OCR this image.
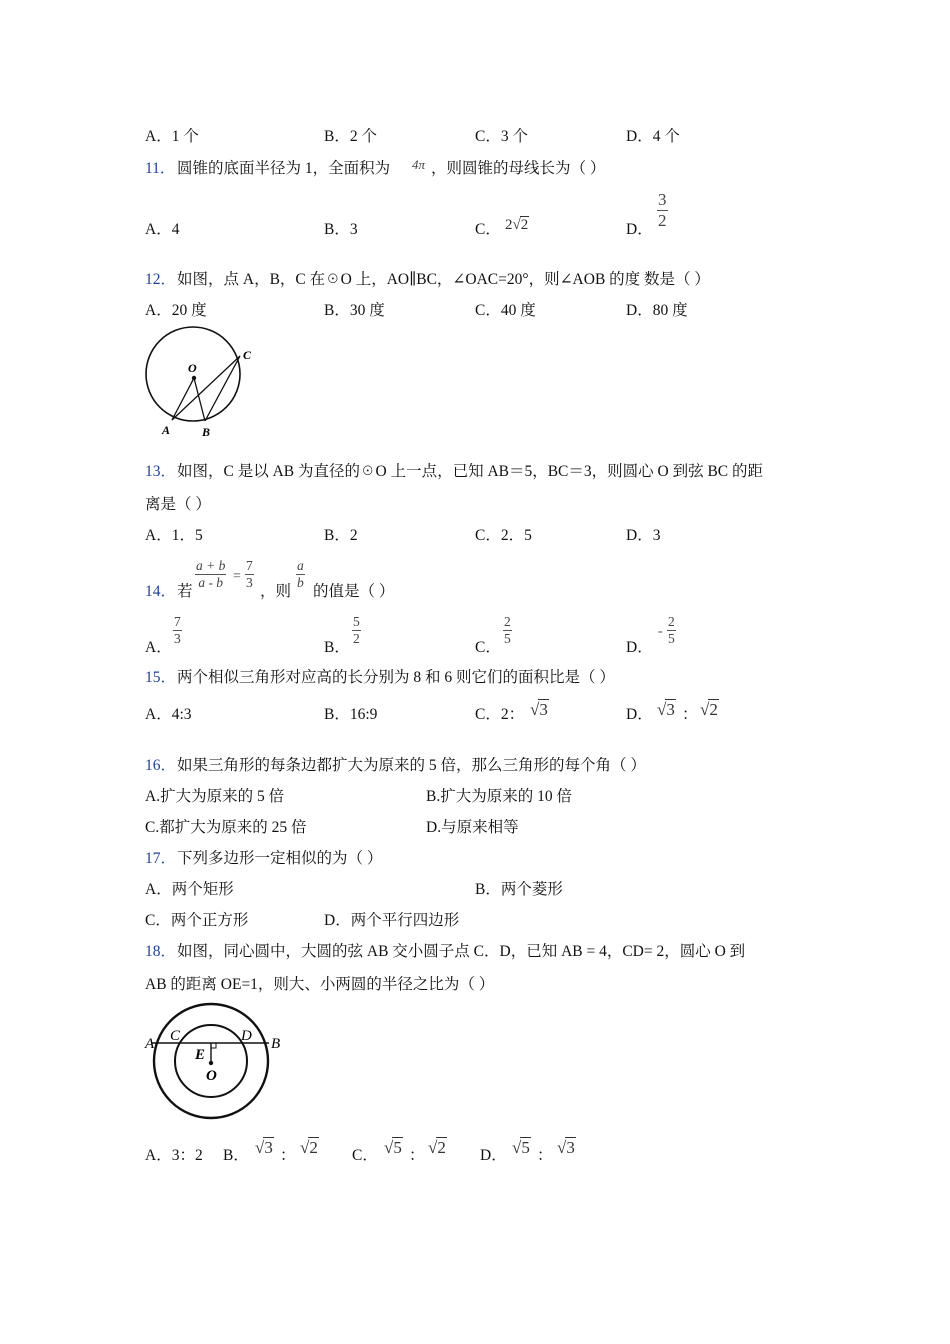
A．1 个	B．2 个	C．3 个	D．4 个
11． 圆锥的底面半径为 1，全面积为 4π ，则圆锥的母线长为（ ）
A．4	B．3	C． 2√2	D． $\frac{3}{2}$
12． 如图，点 A，B，C 在☉O 上，AO∥BC，∠OAC=20°，则∠AOB 的度 数是（ ）
A．20 度	B．30 度	C．40 度	D．80 度
O
A	B
C
13． 如图，C 是以 AB 为直径的☉O 上一点，已知 AB＝5，BC＝3，则圆心 O 到弦 BC 的距
离是（ ）
A．1．5	B．2	C．2．5	D．3
14． 若
$\frac{a + b}{a - b} = \frac{7}{3}$
，则
$\frac{a}{b}$
的值是（ ）
A．
$\frac{7}{3}$
B．
$\frac{5}{2}$
C．
$\frac{2}{5}$
D．
- $\frac{2}{5}$
15． 两个相似三角形对应高的长分别为 8 和 6 则它们的面积比是（ ）
A．4:3	B．16:9	C．2： √3	D． √3 ： √2
16． 如果三角形的每条边都扩大为原来的 5 倍，那么三角形的每个角（ ）
A.扩大为原来的 5 倍	B.扩大为原来的 10 倍
C.都扩大为原来的 25 倍	D.与原来相等
17． 下列多边形一定相似的为（ ）
A．两个矩形	B．两个菱形
C．两个正方形	D．两个平行四边形
18． 如图，同心圆中，大圆的弦 AB 交小圆子点 C．D，已知 AB = 4，CD= 2，圆心 O 到
AB 的距离 OE=1，则大、小两圆的半径之比为（ ）
A	B
C	D
E
O
A．3：2 B． √3 ： √2 C． √5 ： √2 D． √5 ： √3
